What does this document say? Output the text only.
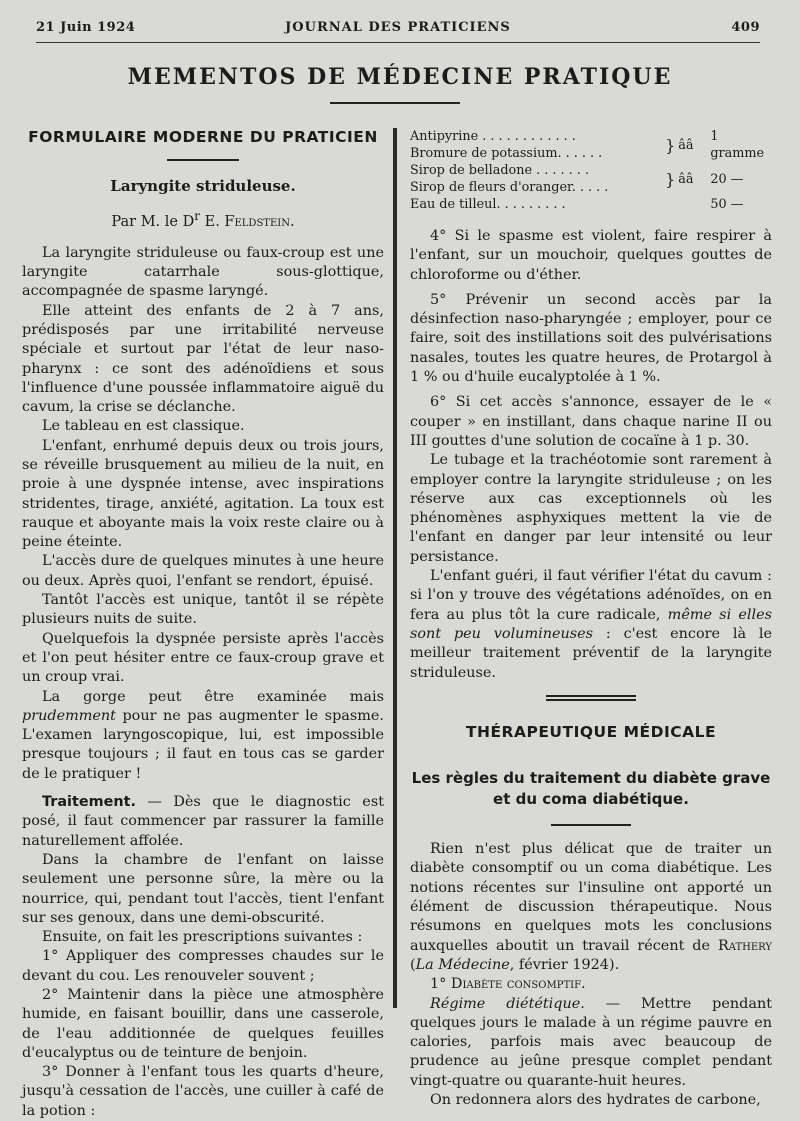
21 Juin 1924	JOURNAL DES PRATICIENS	409
MEMENTOS DE MÉDECINE PRATIQUE
FORMULAIRE MODERNE DU PRATICIEN
Laryngite striduleuse.
Par M. le $D^r$ E. Feldstein.

La laryngite striduleuse ou faux-croup est une laryngite catarrhale sous-glottique, accompagnée de spasme laryngé.

Elle atteint des enfants de 2 à 7 ans, prédisposés par une irritabilité nerveuse spéciale et surtout par l'état de leur naso-pharynx : ce sont des adénoïdiens et sous l'influence d'une poussée inflammatoire aiguë du cavum, la crise se déclanche.

Le tableau en est classique.

L'enfant, enrhumé depuis deux ou trois jours, se réveille brusquement au milieu de la nuit, en proie à une dyspnée intense, avec inspirations stridentes, tirage, anxiété, agitation. La toux est rauque et aboyante mais la voix reste claire ou à peine éteinte.

L'accès dure de quelques minutes à une heure ou deux. Après quoi, l'enfant se rendort, épuisé.

Tantôt l'accès est unique, tantôt il se répète plusieurs nuits de suite.

Quelquefois la dyspnée persiste après l'accès et l'on peut hésiter entre ce faux-croup grave et un croup vrai.

La gorge peut être examinée mais prudemment pour ne pas augmenter le spasme. L'examen laryngoscopique, lui, est impossible presque toujours ; il faut en tous cas se garder de le pratiquer !

Traitement. — Dès que le diagnostic est posé, il faut commencer par rassurer la famille naturellement affolée.

Dans la chambre de l'enfant on laisse seulement une personne sûre, la mère ou la nourrice, qui, pendant tout l'accès, tient l'enfant sur ses genoux, dans une demi-obscurité.

Ensuite, on fait les prescriptions suivantes :

1° Appliquer des compresses chaudes sur le devant du cou. Les renouveler souvent ;

2° Maintenir dans la pièce une atmosphère humide, en faisant bouillir, dans une casserole, de l'eau additionnée de quelques feuilles d'eucalyptus ou de teinture de benjoin.

3° Donner à l'enfant tous les quarts d'heure, jusqu'à cessation de l'accès, une cuiller à café de la potion :

Antipyrine . . . . . . . . . . . .	}	ââ	1 gramme
Bromure de potassium. . . . . .			
Sirop de belladone . . . . . . .	}	ââ	20 —
Sirop de fleurs d'oranger. . . . .			
Eau de tilleul. . . . . . . . .			50 —

4° Si le spasme est violent, faire respirer à l'enfant, sur un mouchoir, quelques gouttes de chloroforme ou d'éther.

5° Prévenir un second accès par la désinfection naso-pharyngée ; employer, pour ce faire, soit des instillations soit des pulvérisations nasales, toutes les quatre heures, de Protargol à 1 % ou d'huile eucalyptolée à 1 %.

6° Si cet accès s'annonce, essayer de le « couper » en instillant, dans chaque narine II ou III gouttes d'une solution de cocaïne à 1 p. 30.

Le tubage et la trachéotomie sont rarement à employer contre la laryngite striduleuse ; on les réserve aux cas exceptionnels où les phénomènes asphyxiques mettent la vie de l'enfant en danger par leur intensité ou leur persistance.

L'enfant guéri, il faut vérifier l'état du cavum : si l'on y trouve des végétations adénoïdes, on en fera au plus tôt la cure radicale, même si elles sont peu volumineuses : c'est encore là le meilleur traitement préventif de la laryngite striduleuse.

THÉRAPEUTIQUE MÉDICALE
Les règles du traitement du diabète grave et du coma diabétique.

Rien n'est plus délicat que de traiter un diabète consomptif ou un coma diabétique. Les notions récentes sur l'insuline ont apporté un élément de discussion thérapeutique. Nous résumons en quelques mots les conclusions auxquelles aboutit un travail récent de Rathery (La Médecine, février 1924).

1° Diabète consomptif.

Régime diététique. — Mettre pendant quelques jours le malade à un régime pauvre en calories, parfois mais avec beaucoup de prudence au jeûne presque complet pendant vingt-quatre ou quarante-huit heures.

On redonnera alors des hydrates de carbone,
